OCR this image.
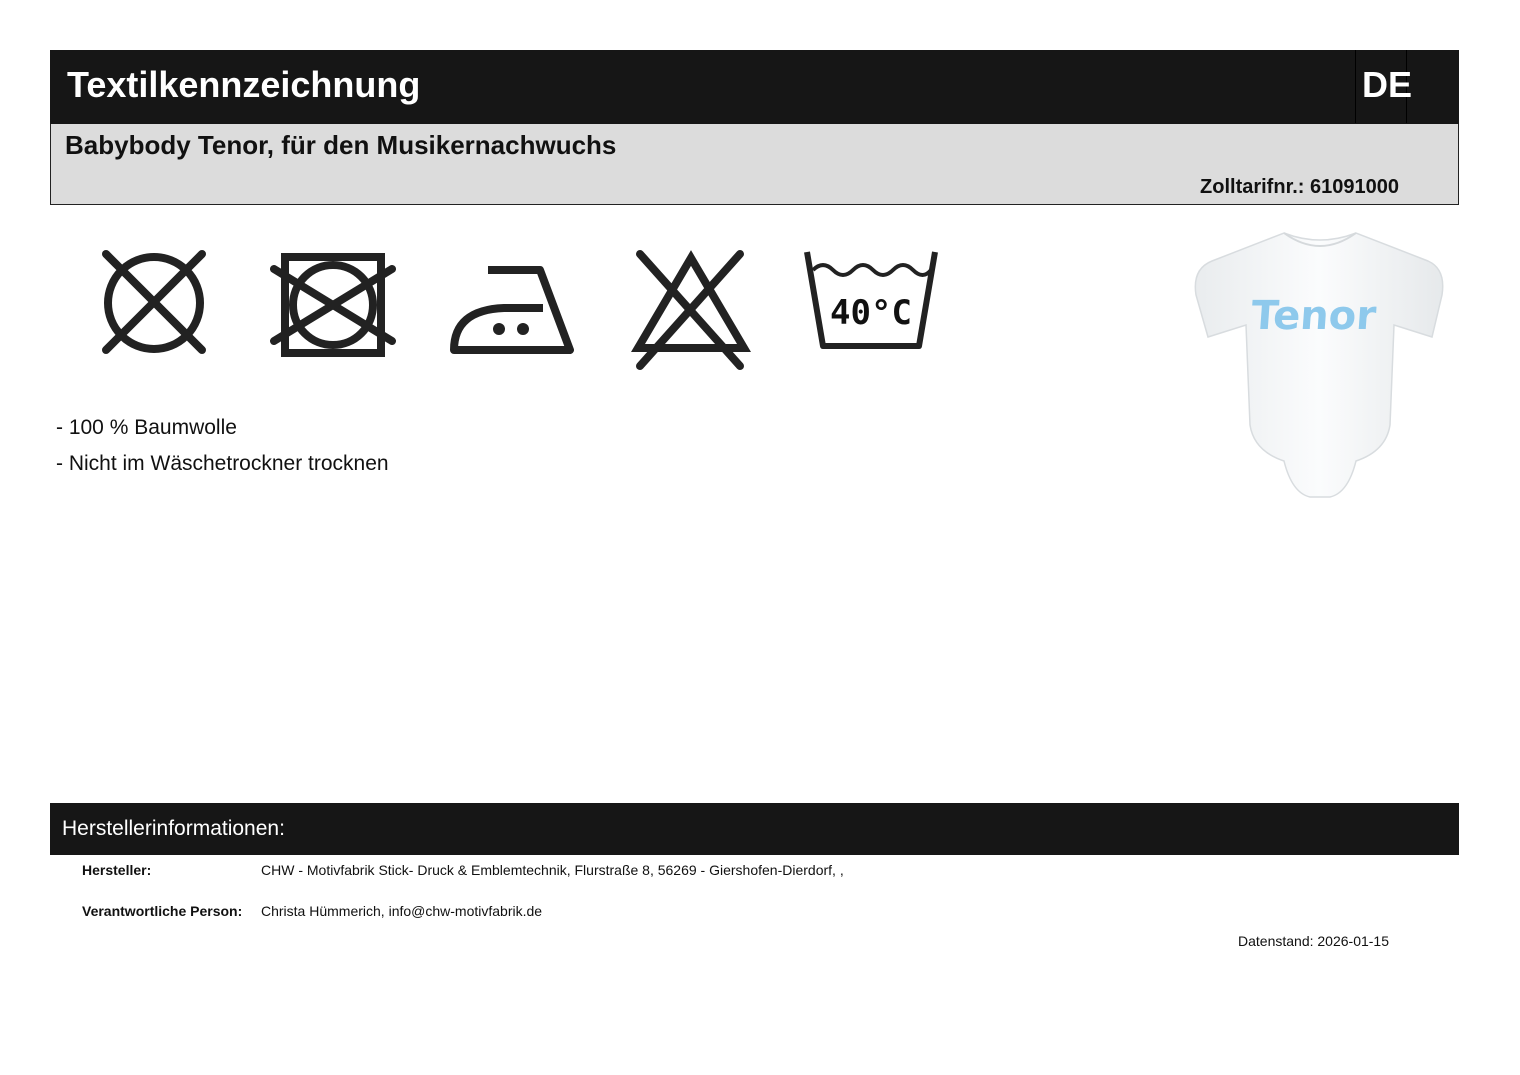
Textilkennzeichnung	DE
Babybody Tenor, für den Musikernachwuchs
Zolltarifnr.: 61091000
40°C
- 100 % Baumwolle
- Nicht im Wäschetrockner trocknen
Tenor
Herstellerinformationen:
Hersteller:	CHW - Motivfabrik Stick- Druck & Emblemtechnik, Flurstraße 8, 56269 - Giershofen-Dierdorf, ,
Verantwortliche Person: Christa Hümmerich, info@chw-motivfabrik.de
Datenstand: 2026-01-15
